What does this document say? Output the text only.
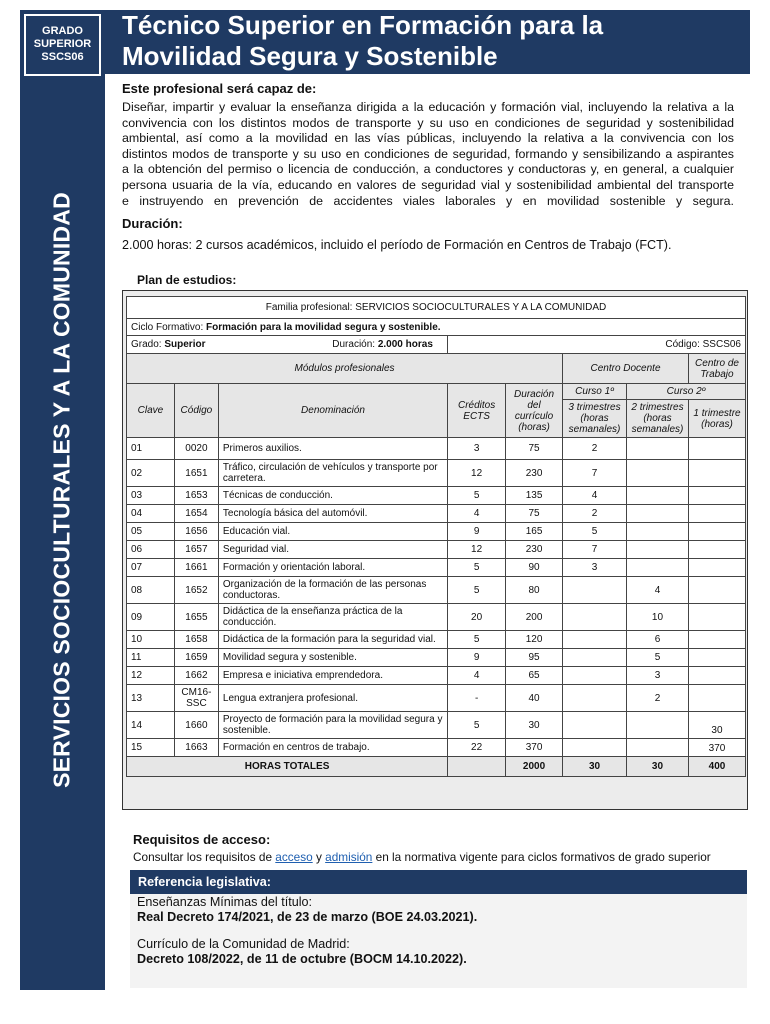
GRADO
SUPERIOR
SSCS06
SERVICIOS SOCIOCULTURALES Y A LA COMUNIDAD
Técnico Superior en Formación para la
Movilidad Segura y Sostenible
Este profesional será capaz de:
Diseñar, impartir y evaluar la enseñanza dirigida a la educación y formación vial, incluyendo la relativa a la
convivencia con los distintos modos de transporte y su uso en condiciones de seguridad y sostenibilidad
ambiental, así como a la movilidad en las vías públicas, incluyendo la relativa a la convivencia con los
distintos modos de transporte y su uso en condiciones de seguridad, formando y sensibilizando a aspirantes
a la obtención del permiso o licencia de conducción, a conductores y conductoras y, en general, a cualquier
persona usuaria de la vía, educando en valores de seguridad vial y sostenibilidad ambiental del transporte
e instruyendo en prevención de accidentes viales laborales y en movilidad sostenible y segura.
Duración:
2.000 horas: 2 cursos académicos, incluido el período de Formación en Centros de Trabajo (FCT).
Plan de estudios:
Familia profesional: SERVICIOS SOCIOCULTURALES Y A LA COMUNIDAD							
Ciclo Formativo: Formación para la movilidad segura y sostenible.							
Grado: Superior Duración: 2.000 horas			Código: SSCS06				
Módulos profesionales					Centro Docente		Centro de Trabajo
Clave	Código	Denominación	Créditos ECTS	Duración del currículo (horas)	Curso 1º	Curso 2º	
					3 trimestres (horas semanales)	2 trimestres (horas semanales)	1 trimestre (horas)
01	0020	Primeros auxilios.	3	75	2		
02	1651	Tráfico, circulación de vehículos y transporte por carretera.	12	230	7		
03	1653	Técnicas de conducción.	5	135	4		
04	1654	Tecnología básica del automóvil.	4	75	2		
05	1656	Educación vial.	9	165	5		
06	1657	Seguridad vial.	12	230	7		
07	1661	Formación y orientación laboral.	5	90	3		
08	1652	Organización de la formación de las personas conductoras.	5	80		4	
09	1655	Didáctica de la enseñanza práctica de la conducción.	20	200		10	
10	1658	Didáctica de la formación para la seguridad vial.	5	120		6	
11	1659	Movilidad segura y sostenible.	9	95		5	
12	1662	Empresa e iniciativa emprendedora.	4	65		3	
13	CM16-SSC	Lengua extranjera profesional.	-	40		2	
14	1660	Proyecto de formación para la movilidad segura y sostenible.	5	30			30
15	1663	Formación en centros de trabajo.	22	370			370
HORAS TOTALES				2000	30	30	400
Requisitos de acceso:
Consultar los requisitos de acceso y admisión en la normativa vigente para ciclos formativos de grado superior
Referencia legislativa:
Enseñanzas Mínimas del título:
Real Decreto 174/2021, de 23 de marzo (BOE 24.03.2021).
Currículo de la Comunidad de Madrid:
Decreto 108/2022, de 11 de octubre (BOCM 14.10.2022).
